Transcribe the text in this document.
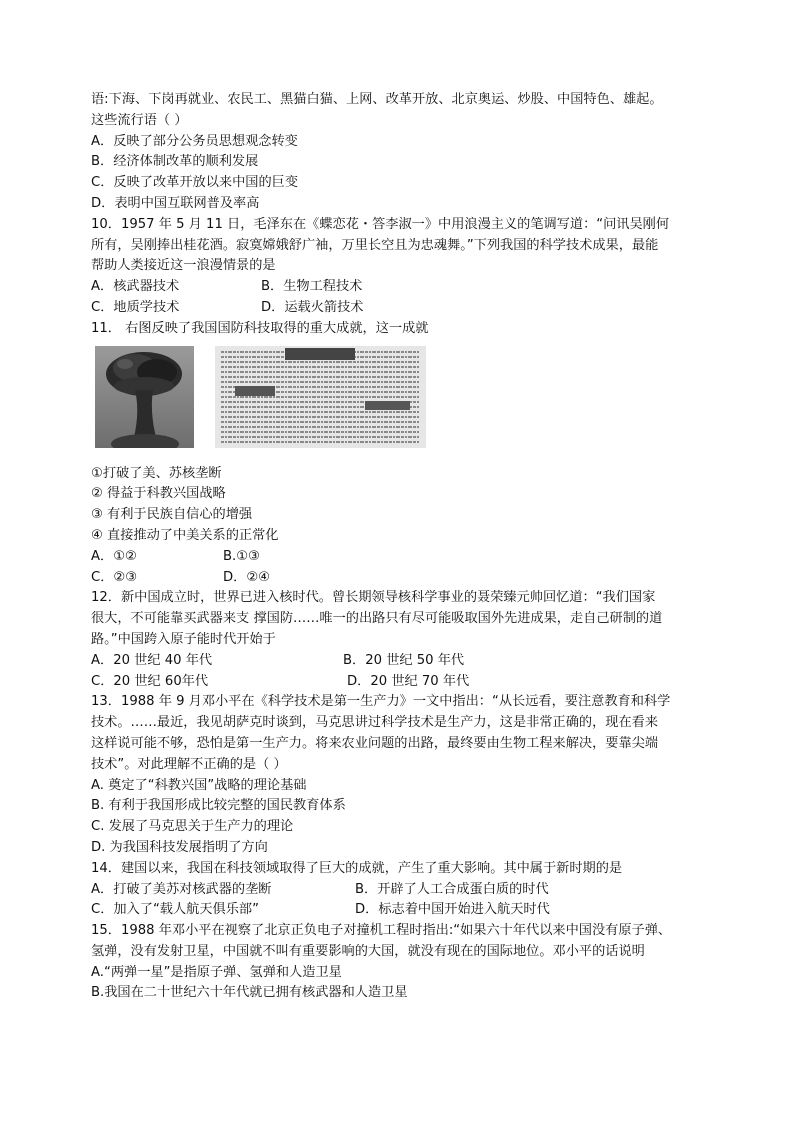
语:下海、下岗再就业、农民工、黑猫白猫、上网、改革开放、北京奥运、炒股、中国特色、雄起。
这些流行语（ ）
A．反映了部分公务员思想观念转变
B．经济体制改革的顺利发展
C．反映了改革开放以来中国的巨变
D．表明中国互联网普及率高
10．1957 年 5 月 11 日，毛泽东在《蝶恋花・答李淑一》中用浪漫主义的笔调写道：“问讯吴刚何
所有，吴刚捧出桂花酒。寂寞嫦娥舒广袖，万里长空且为忠魂舞。”下列我国的科学技术成果，最能
帮助人类接近这一浪漫情景的是
A．核武器技术	B．生物工程技术
C．地质学技术	D．运载火箭技术
11． 右图反映了我国国防科技取得的重大成就，这一成就
①打破了美、苏核垄断
② 得益于科教兴国战略
③ 有利于民族自信心的增强
④ 直接推动了中美关系的正常化
A．①②	B.①③
C．②③	D．②④
12．新中国成立时，世界已进入核时代。曾长期领导核科学事业的聂荣臻元帅回忆道：“我们国家
很大，不可能靠买武器来支 撑国防……唯一的出路只有尽可能吸取国外先进成果，走自己研制的道
路。”中国跨入原子能时代开始于
A．20 世纪 40 年代	B．20 世纪 50 年代
C．20 世纪 60年代	D．20 世纪 70 年代
13．1988 年 9 月邓小平在《科学技术是第一生产力》一文中指出：“从长远看，要注意教育和科学
技术。……最近，我见胡萨克时谈到，马克思讲过科学技术是生产力，这是非常正确的，现在看来
这样说可能不够，恐怕是第一生产力。将来农业问题的出路，最终要由生物工程来解决，要靠尖端
技术”。对此理解不正确的是（ ）
A. 奠定了“科教兴国”战略的理论基础
B. 有利于我国形成比较完整的国民教育体系
C. 发展了马克思关于生产力的理论
D. 为我国科技发展指明了方向
14．建国以来，我国在科技领域取得了巨大的成就，产生了重大影响。其中属于新时期的是
A．打破了美苏对核武器的垄断	B．开辟了人工合成蛋白质的时代
C．加入了“载人航天俱乐部”	D．标志着中国开始进入航天时代
15．1988 年邓小平在视察了北京正负电子对撞机工程时指出:“如果六十年代以来中国没有原子弹、
氢弹，没有发射卫星，中国就不叫有重要影响的大国，就没有现在的国际地位。邓小平的话说明
A.“两弹一星”是指原子弹、氢弹和人造卫星
B.我国在二十世纪六十年代就已拥有核武器和人造卫星
